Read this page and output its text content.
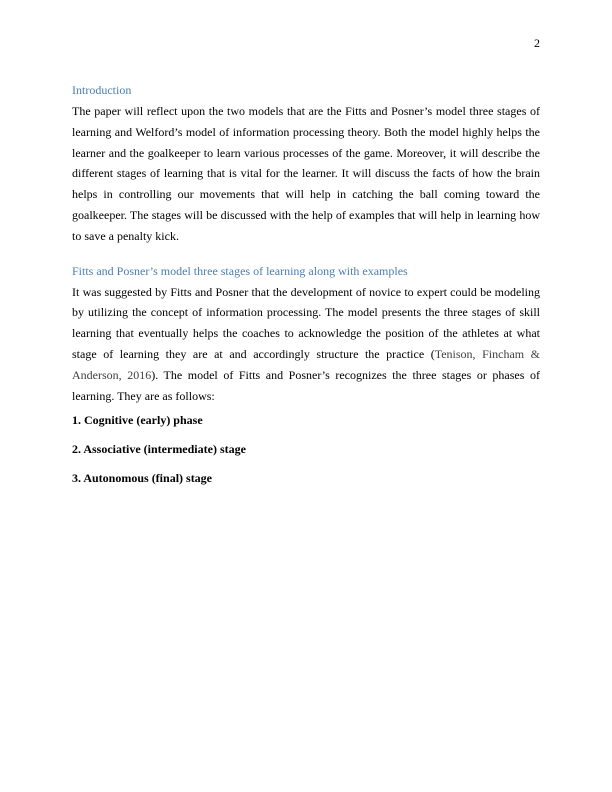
2
Introduction

The paper will reflect upon the two models that are the Fitts and Posner’s model three stages of learning and Welford’s model of information processing theory. Both the model highly helps the learner and the goalkeeper to learn various processes of the game. Moreover, it will describe the different stages of learning that is vital for the learner. It will discuss the facts of how the brain helps in controlling our movements that will help in catching the ball coming toward the goalkeeper. The stages will be discussed with the help of examples that will help in learning how to save a penalty kick.

Fitts and Posner’s model three stages of learning along with examples

It was suggested by Fitts and Posner that the development of novice to expert could be modeling by utilizing the concept of information processing. The model presents the three stages of skill learning that eventually helps the coaches to acknowledge the position of the athletes at what stage of learning they are at and accordingly structure the practice (Tenison, Fincham & Anderson, 2016). The model of Fitts and Posner’s recognizes the three stages or phases of learning. They are as follows:

1. Cognitive (early) phase
2. Associative (intermediate) stage
3. Autonomous (final) stage
